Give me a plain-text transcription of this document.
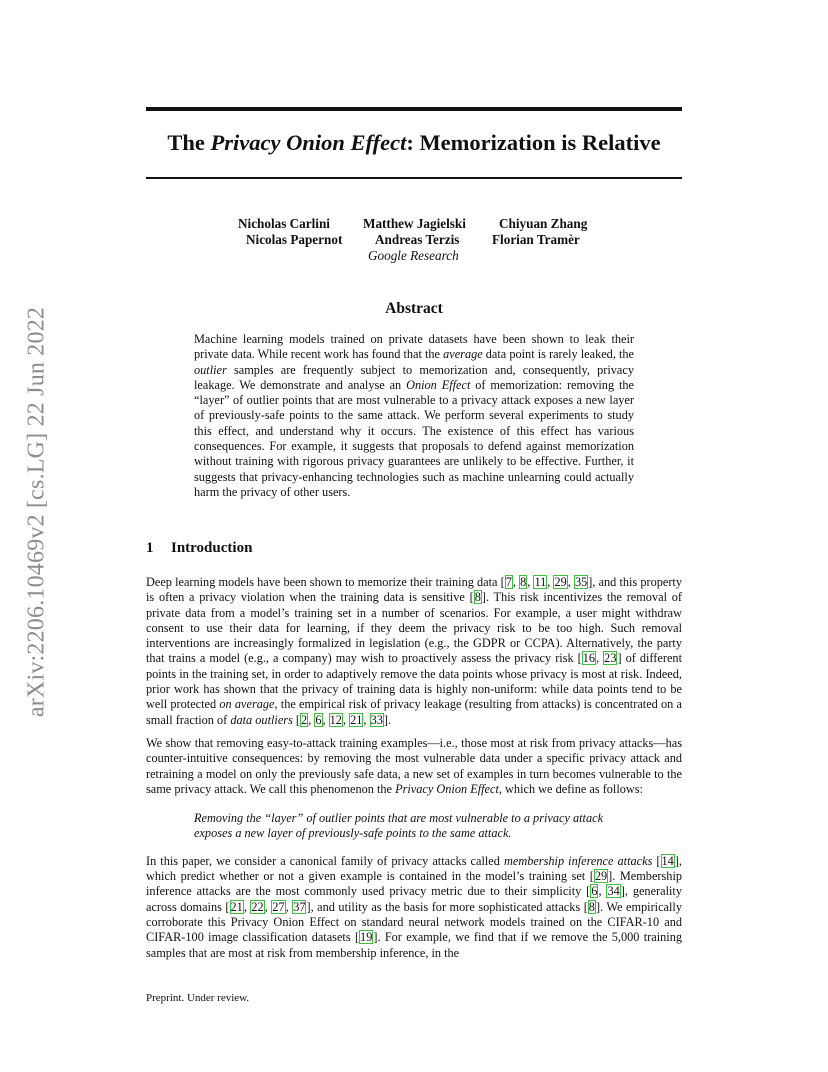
arXiv:2206.10469v2 [cs.LG] 22 Jun 2022
The Privacy Onion Effect: Memorization is Relative
Nicholas Carlini	Matthew Jagielski	Chiyuan Zhang
Nicolas Papernot Andreas Terzis Florian Tramèr
Google Research
Abstract
Machine learning models trained on private datasets have been shown to leak their private data. While recent work has found that the average data point is rarely leaked, the outlier samples are frequently subject to memorization and, consequently, privacy leakage. We demonstrate and analyse an Onion Effect of memorization: removing the “layer” of outlier points that are most vulnerable to a privacy attack exposes a new layer of previously-safe points to the same attack. We perform several experiments to study this effect, and understand why it occurs. The existence of this effect has various consequences. For example, it suggests that proposals to defend against memorization without training with rigorous privacy guarantees are unlikely to be effective. Further, it suggests that privacy-enhancing technologies such as machine unlearning could actually harm the privacy of other users.
1 Introduction

Deep learning models have been shown to memorize their training data [7, 8, 11, 29, 35], and this property is often a privacy violation when the training data is sensitive [8]. This risk incentivizes the removal of private data from a model’s training set in a number of scenarios. For example, a user might withdraw consent to use their data for learning, if they deem the privacy risk to be too high. Such removal interventions are increasingly formalized in legislation (e.g., the GDPR or CCPA). Alternatively, the party that trains a model (e.g., a company) may wish to proactively assess the privacy risk [16, 23] of different points in the training set, in order to adaptively remove the data points whose privacy is most at risk. Indeed, prior work has shown that the privacy of training data is highly non-uniform: while data points tend to be well protected on average, the empirical risk of privacy leakage (resulting from attacks) is concentrated on a small fraction of data outliers [2, 6, 12, 21, 33].

We show that removing easy-to-attack training examples—i.e., those most at risk from privacy attacks—has counter-intuitive consequences: by removing the most vulnerable data under a specific privacy attack and retraining a model on only the previously safe data, a new set of examples in turn becomes vulnerable to the same privacy attack. We call this phenomenon the Privacy Onion Effect, which we define as follows:

Removing the “layer” of outlier points that are most vulnerable to a privacy attack exposes a new layer of previously-safe points to the same attack.

In this paper, we consider a canonical family of privacy attacks called membership inference attacks [14], which predict whether or not a given example is contained in the model’s training set [29]. Membership inference attacks are the most commonly used privacy metric due to their simplicity [6, 34], generality across domains [21, 22, 27, 37], and utility as the basis for more sophisticated attacks [8]. We empirically corroborate this Privacy Onion Effect on standard neural network models trained on the CIFAR-10 and CIFAR-100 image classification datasets [19]. For example, we find that if we remove the 5,000 training samples that are most at risk from membership inference, in the

Preprint. Under review.
